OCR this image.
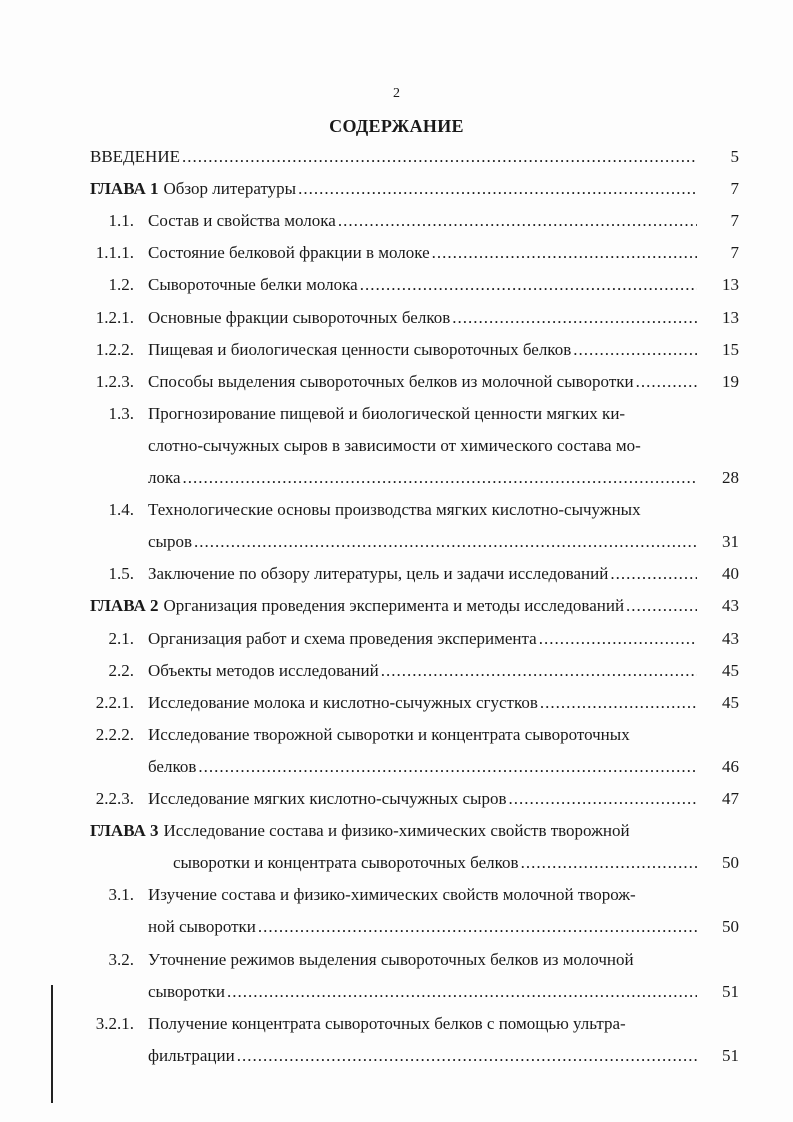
2
СОДЕРЖАНИЕ
ВВЕДЕНИЕ .....	5
ГЛАВА 1 Обзор литературы .....	7
1.1. Состав и свойства молока .....	7
1.1.1. Состояние белковой фракции в молоке .....	7
1.2. Сывороточные белки молока .....	13
1.2.1. Основные фракции сывороточных белков .....	13
1.2.2. Пищевая и биологическая ценности сывороточных белков .....	15
1.2.3. Способы выделения сывороточных белков из молочной сыворотки .....	19
1.3. Прогнозирование пищевой и биологической ценности мягких ки-
слотно-сычужных сыров в зависимости от химического состава мо-
лока .....	28
1.4. Технологические основы производства мягких кислотно-сычужных
сыров .....	31
1.5. Заключение по обзору литературы, цель и задачи исследований .....	40
ГЛАВА 2 Организация проведения эксперимента и методы исследований .....	43
2.1. Организация работ и схема проведения эксперимента .....	43
2.2. Объекты методов исследований .....	45
2.2.1. Исследование молока и кислотно-сычужных сгустков .....	45
2.2.2. Исследование творожной сыворотки и концентрата сывороточных
белков .....	46
2.2.3. Исследование мягких кислотно-сычужных сыров .....	47
ГЛАВА 3 Исследование состава и физико-химических свойств творожной
сыворотки и концентрата сывороточных белков .....	50
3.1. Изучение состава и физико-химических свойств молочной творож-
ной сыворотки .....	50
3.2. Уточнение режимов выделения сывороточных белков из молочной
сыворотки .....	51
3.2.1. Получение концентрата сывороточных белков с помощью ультра-
фильтрации .....	51
